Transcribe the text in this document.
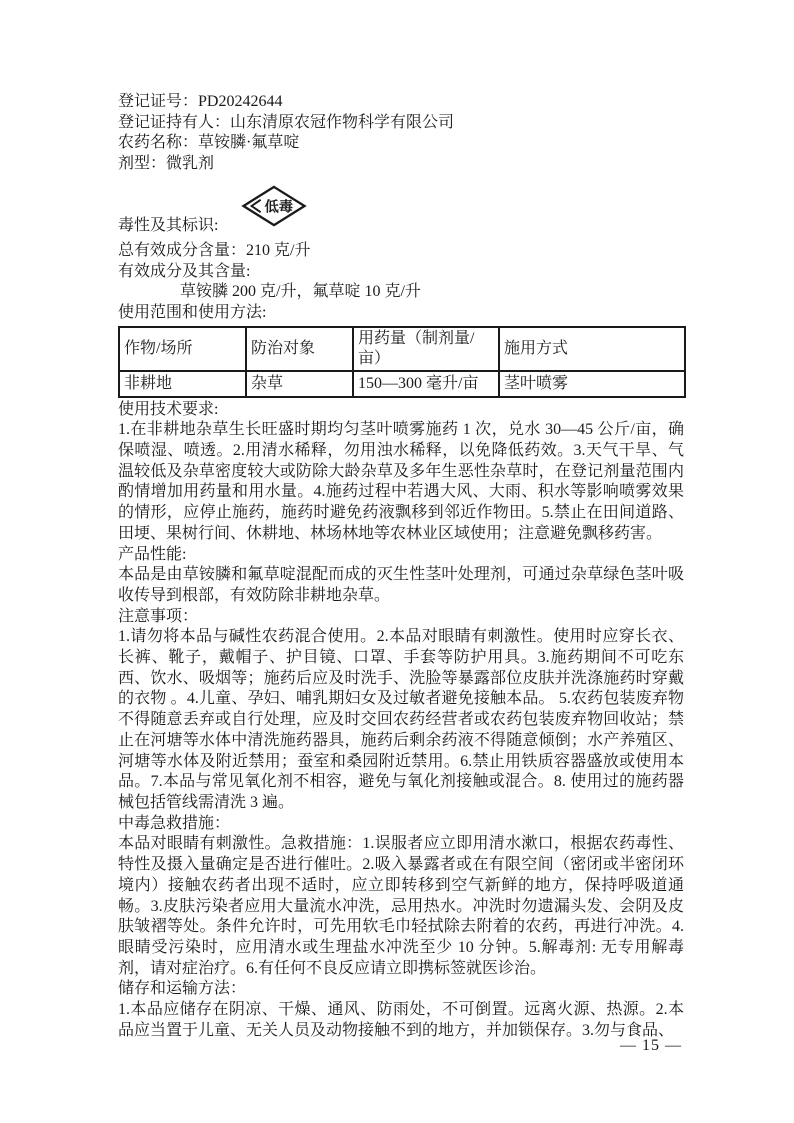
登记证号：PD20242644
登记证持有人：山东清原农冠作物科学有限公司
农药名称：草铵膦·氟草啶
剂型：微乳剂
毒性及其标识:
低毒
总有效成分含量：210 克/升
有效成分及其含量:
草铵膦 200 克/升，氟草啶 10 克/升
使用范围和使用方法:
作物/场所	防治对象	用药量（制剂量/亩）	施用方式
非耕地	杂草	150—300 毫升/亩	茎叶喷雾
使用技术要求:
1.在非耕地杂草生长旺盛时期均匀茎叶喷雾施药 1 次，兑水 30—45 公斤/亩，确保喷湿、喷透。2.用清水稀释，勿用浊水稀释，以免降低药效。3.天气干旱、气温较低及杂草密度较大或防除大龄杂草及多年生恶性杂草时，在登记剂量范围内酌情增加用药量和用水量。4.施药过程中若遇大风、大雨、积水等影响喷雾效果的情形，应停止施药，施药时避免药液飘移到邻近作物田。5.禁止在田间道路、田埂、果树行间、休耕地、林场林地等农林业区域使用；注意避免飘移药害。
产品性能:
本品是由草铵膦和氟草啶混配而成的灭生性茎叶处理剂，可通过杂草绿色茎叶吸收传导到根部，有效防除非耕地杂草。
注意事项：
1.请勿将本品与碱性农药混合使用。2.本品对眼睛有刺激性。使用时应穿长衣、长裤、靴子，戴帽子、护目镜、口罩、手套等防护用具。3.施药期间不可吃东西、饮水、吸烟等；施药后应及时洗手、洗脸等暴露部位皮肤并洗涤施药时穿戴的衣物 。4.儿童、孕妇、哺乳期妇女及过敏者避免接触本品。 5.农药包装废弃物不得随意丢弃或自行处理，应及时交回农药经营者或农药包装废弃物回收站；禁止在河塘等水体中清洗施药器具，施药后剩余药液不得随意倾倒；水产养殖区、河塘等水体及附近禁用；蚕室和桑园附近禁用。6.禁止用铁质容器盛放或使用本品。7.本品与常见氧化剂不相容，避免与氧化剂接触或混合。8. 使用过的施药器械包括管线需清洗 3 遍。
中毒急救措施：
本品对眼睛有刺激性。急救措施：1.误服者应立即用清水漱口，根据农药毒性、特性及摄入量确定是否进行催吐。2.吸入暴露者或在有限空间（密闭或半密闭环境内）接触农药者出现不适时，应立即转移到空气新鲜的地方，保持呼吸道通畅。3.皮肤污染者应用大量流水冲洗，忌用热水。冲洗时勿遗漏头发、会阴及皮肤皱褶等处。条件允许时，可先用软毛巾轻拭除去附着的农药，再进行冲洗。4.眼睛受污染时，应用清水或生理盐水冲洗至少 10 分钟。5.解毒剂: 无专用解毒剂，请对症治疗。6.有任何不良反应请立即携标签就医诊治。
储存和运输方法：
1.本品应储存在阴凉、干燥、通风、防雨处，不可倒置。远离火源、热源。2.本品应当置于儿童、无关人员及动物接触不到的地方，并加锁保存。3.勿与食品、
— 15 —
